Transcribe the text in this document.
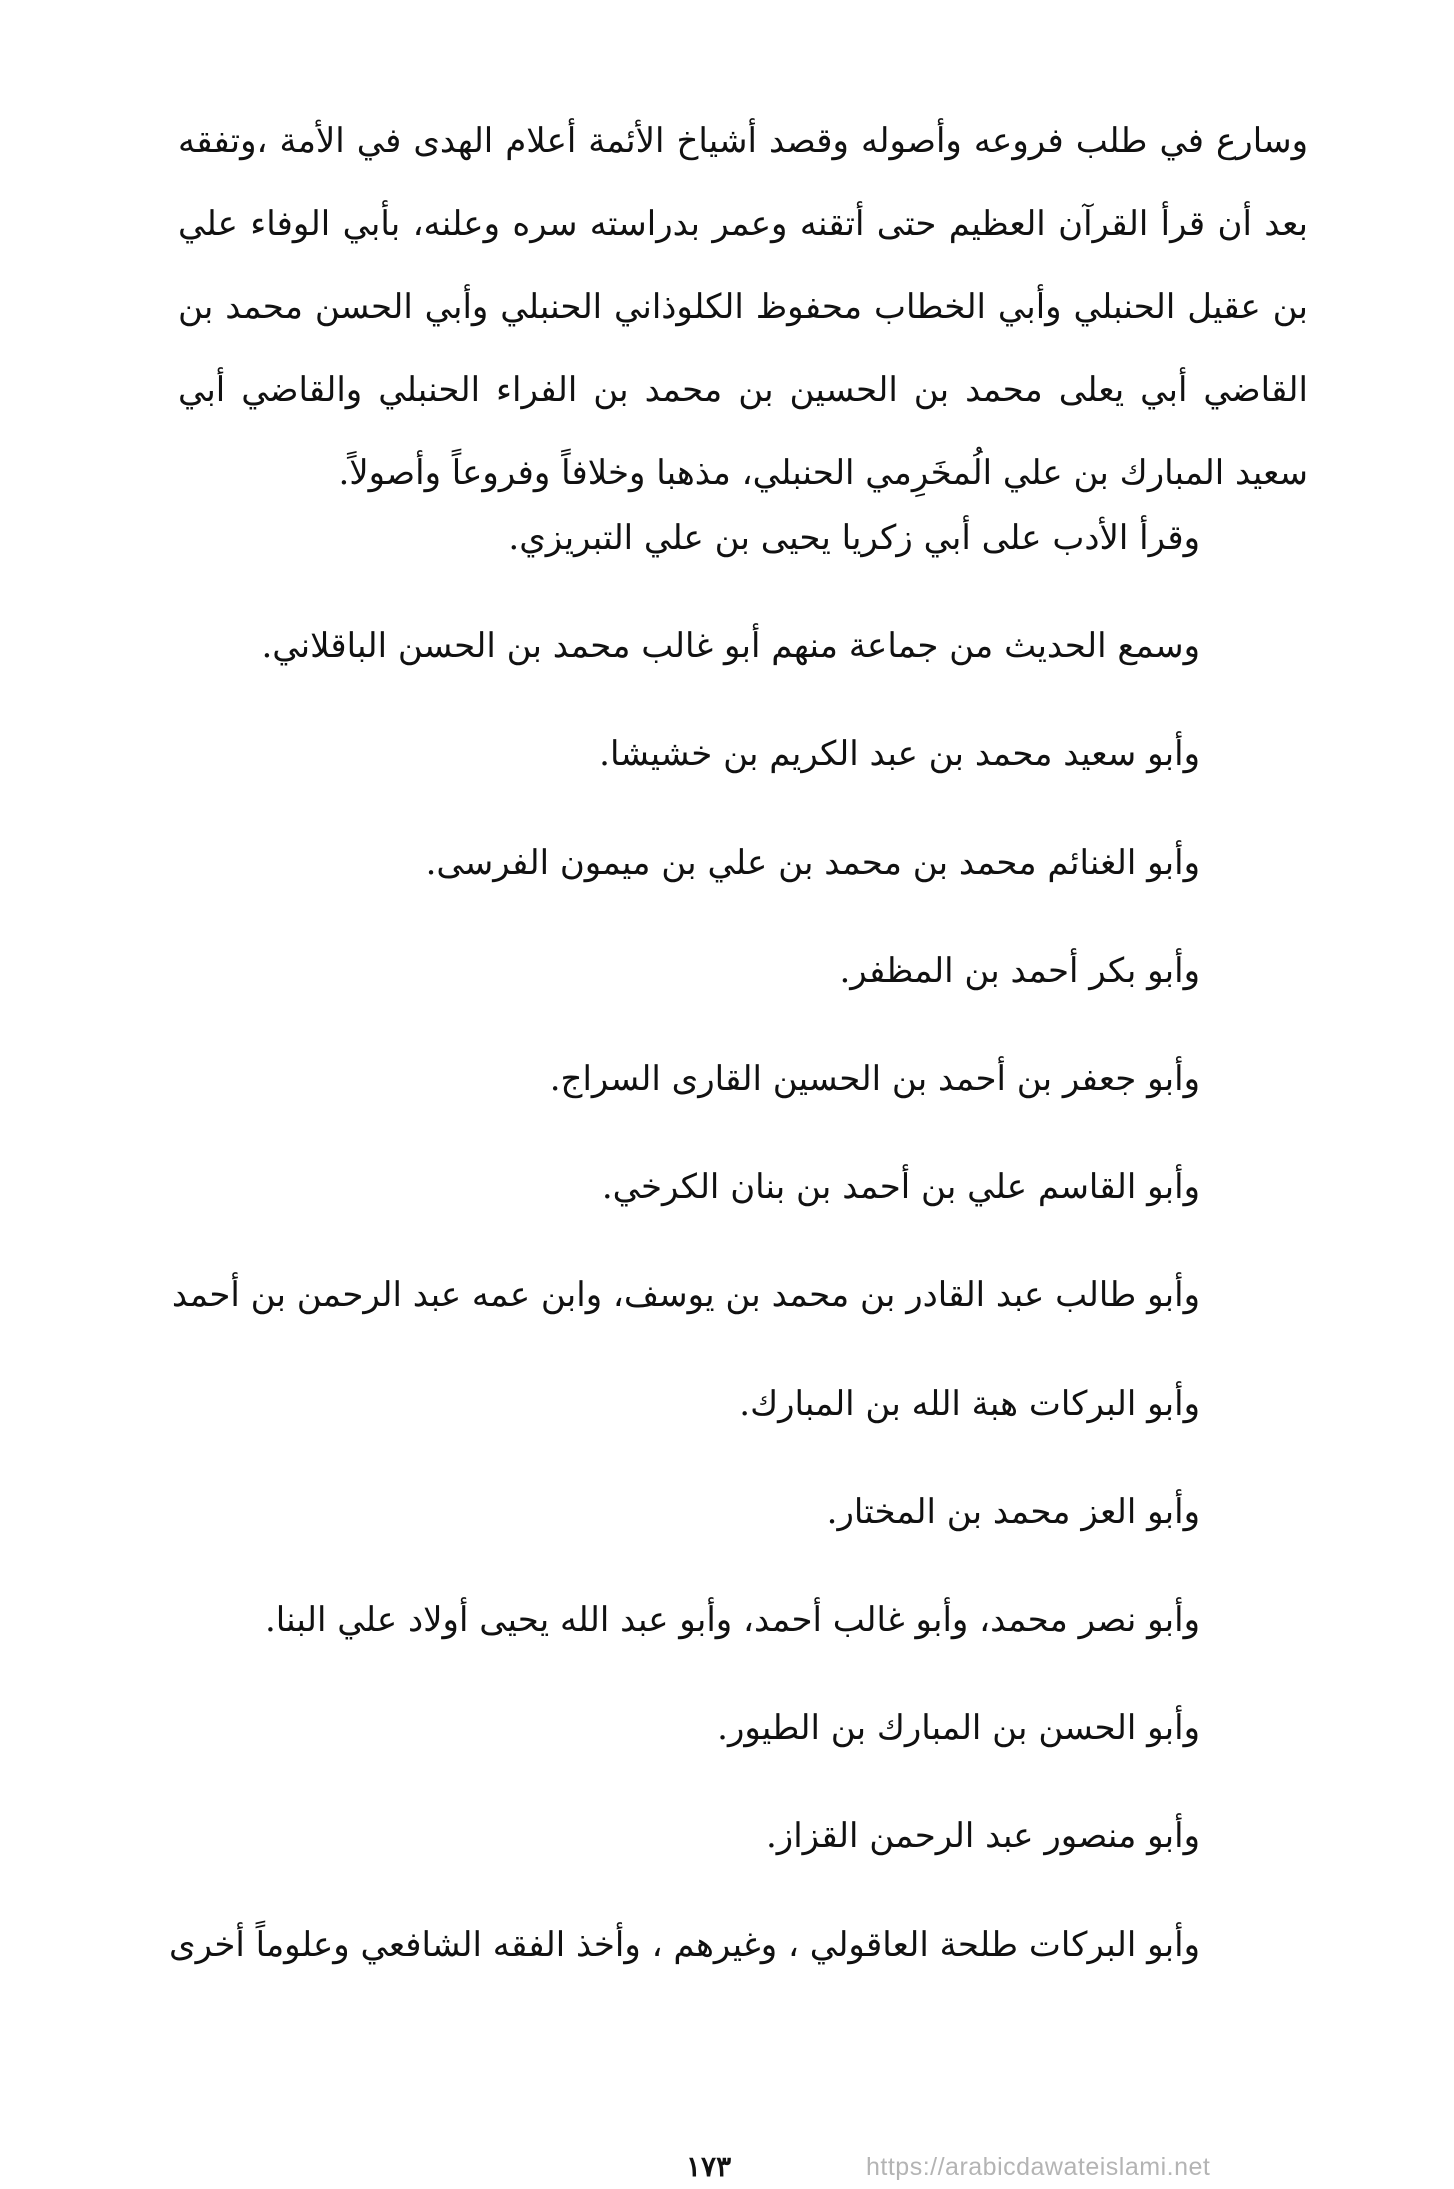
وسارع في طلب فروعه وأصوله وقصد أشياخ الأئمة أعلام الهدى في الأمة ،وتفقه بعد أن قرأ القرآن العظيم حتى أتقنه وعمر بدراسته سره وعلنه، بأبي الوفاء علي بن عقيل الحنبلي وأبي الخطاب محفوظ الكلوذاني الحنبلي وأبي الحسن محمد بن القاضي أبي يعلى محمد بن الحسين بن محمد بن الفراء الحنبلي والقاضي أبي سعيد المبارك بن علي الُمخَرِمي الحنبلي، مذهبا وخلافاً وفروعاً وأصولاً.

وقرأ الأدب على أبي زكريا يحيى بن علي التبريزي.

وسمع الحديث من جماعة منهم أبو غالب محمد بن الحسن الباقلاني.

وأبو سعيد محمد بن عبد الكريم بن خشيشا.

وأبو الغنائم محمد بن محمد بن علي بن ميمون الفرسى.

وأبو بكر أحمد بن المظفر.

وأبو جعفر بن أحمد بن الحسين القارى السراج.

وأبو القاسم علي بن أحمد بن بنان الكرخي.

وأبو طالب عبد القادر بن محمد بن يوسف، وابن عمه عبد الرحمن بن أحمد

وأبو البركات هبة الله بن المبارك.

وأبو العز محمد بن المختار.

وأبو نصر محمد، وأبو غالب أحمد، وأبو عبد الله يحيى أولاد علي البنا.

وأبو الحسن بن المبارك بن الطيور.

وأبو منصور عبد الرحمن القزاز.

وأبو البركات طلحة العاقولي ، وغيرهم ، وأخذ الفقه الشافعي وعلوماً أخرى

١٧٣	https://arabicdawateislami.net
